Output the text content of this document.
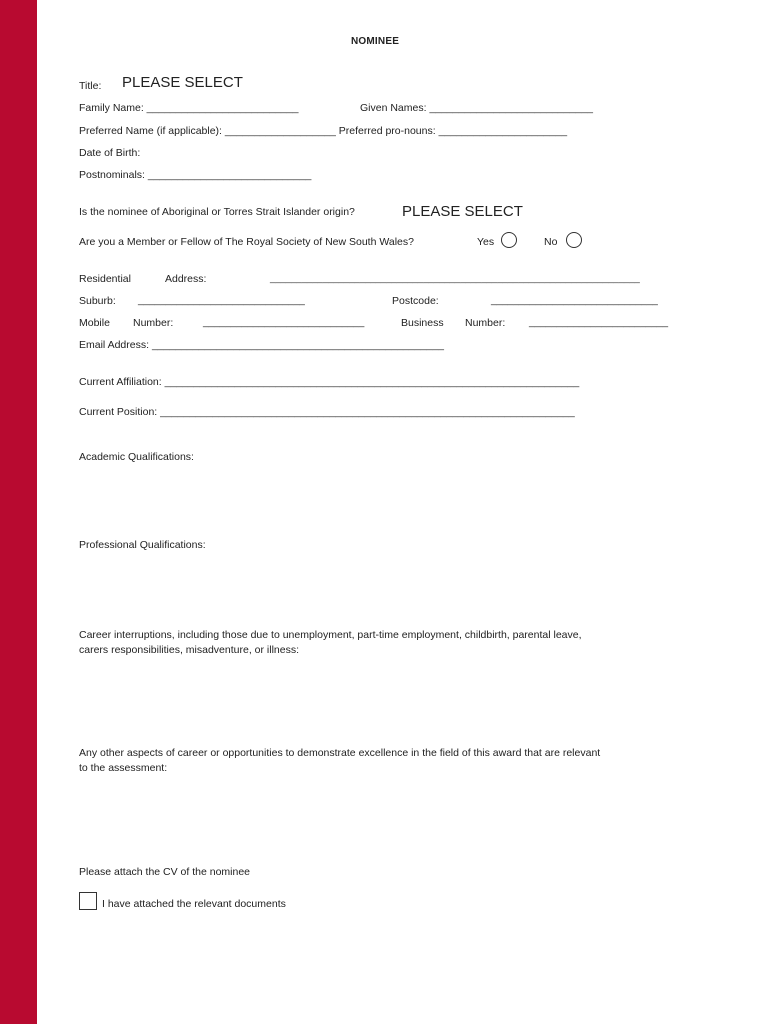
NOMINEE
Title: PLEASE SELECT
Family Name: __________________________	Given Names: ____________________________
Preferred Name (if applicable): ___________________ Preferred pro-nouns: ______________________
Date of Birth:
Postnominals: ____________________________
Is the nominee of Aboriginal or Torres Strait Islander origin?	PLEASE SELECT
Are you a Member or Fellow of The Royal Society of New South Wales?	Yes	No
Residential	Address:	______________________________________________________________________
Suburb: ______________________________	Postcode:	______________________________
Mobile Number:	_____________________________	Business Number: _________________________
Email Address: __________________________________________________
Current Affiliation: _______________________________________________________________________
Current Position: _______________________________________________________________________
Academic Qualifications:
Professional Qualifications:
Career interruptions, including those due to unemployment, part-time employment, childbirth, parental leave,
carers responsibilities, misadventure, or illness:
Any other aspects of career or opportunities to demonstrate excellence in the field of this award that are relevant
to the assessment:
Please attach the CV of the nominee
I have attached the relevant documents
